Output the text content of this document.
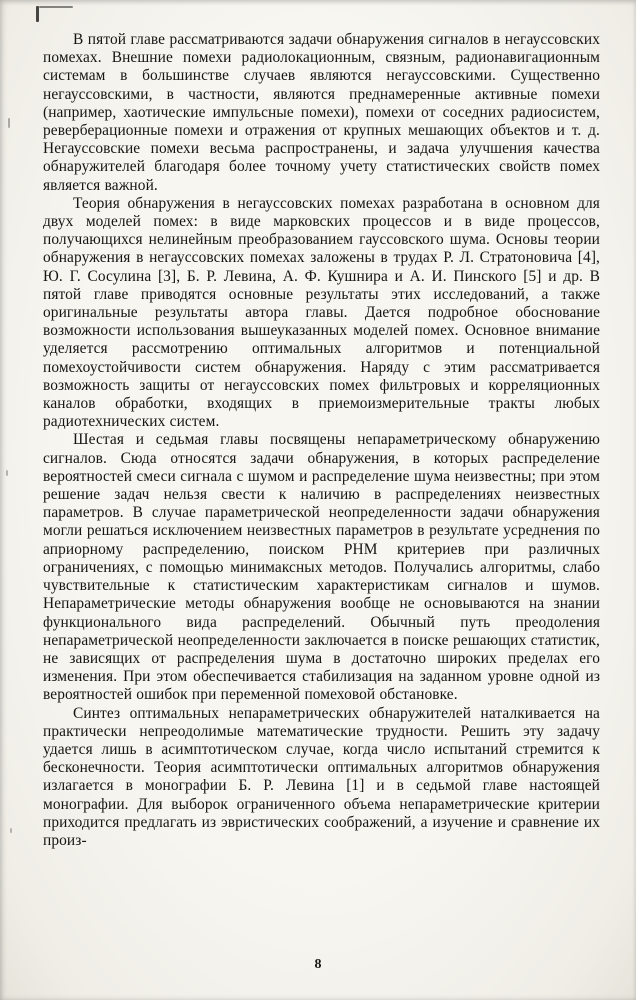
В пятой главе рассматриваются задачи обнаружения сигналов в негауссовских помехах. Внешние помехи радиолокационным, связным, радионавигационным системам в большинстве случаев являются негауссовскими. Существенно негауссовскими, в частности, являются преднамеренные активные помехи (например, хаотические импульсные помехи), помехи от соседних радиосистем, реверберационные помехи и отражения от крупных мешающих объектов и т. д. Негауссовские помехи весьма распространены, и задача улучшения качества обнаружителей благодаря более точному учету статистических свойств помех является важной.

Теория обнаружения в негауссовских помехах разработана в основном для двух моделей помех: в виде марковских процессов и в виде процессов, получающихся нелинейным преобразованием гауссовского шума. Основы теории обнаружения в негауссовских помехах заложены в трудах Р. Л. Стратоновича [4], Ю. Г. Сосулина [3], Б. Р. Левина, А. Ф. Кушнира и А. И. Пинского [5] и др. В пятой главе приводятся основные результаты этих исследований, а также оригинальные результаты автора главы. Дается подробное обоснование возможности использования вышеуказанных моделей помех. Основное внимание уделяется рассмотрению оптимальных алгоритмов и потенциальной помехоустойчивости систем обнаружения. Наряду с этим рассматривается возможность защиты от негауссовских помех фильтровых и корреляционных каналов обработки, входящих в приемоизмерительные тракты любых радиотехнических систем.

Шестая и седьмая главы посвящены непараметрическому обнаружению сигналов. Сюда относятся задачи обнаружения, в которых распределение вероятностей смеси сигнала с шумом и распределение шума неизвестны; при этом решение задач нельзя свести к наличию в распределениях неизвестных параметров. В случае параметрической неопределенности задачи обнаружения могли решаться исключением неизвестных параметров в результате усреднения по априорному распределению, поиском РНМ критериев при различных ограничениях, с помощью минимаксных методов. Получались алгоритмы, слабо чувствительные к статистическим характеристикам сигналов и шумов. Непараметрические методы обнаружения вообще не основываются на знании функционального вида распределений. Обычный путь преодоления непараметрической неопределенности заключается в поиске решающих статистик, не зависящих от распределения шума в достаточно широких пределах его изменения. При этом обеспечивается стабилизация на заданном уровне одной из вероятностей ошибок при переменной помеховой обстановке.

Синтез оптимальных непараметрических обнаружителей наталкивается на практически непреодолимые математические трудности. Решить эту задачу удается лишь в асимптотическом случае, когда число испытаний стремится к бесконечности. Теория асимптотически оптимальных алгоритмов обнаружения излагается в монографии Б. Р. Левина [1] и в седьмой главе настоящей монографии. Для выборок ограниченного объема непараметрические критерии приходится предлагать из эвристических соображений, а изучение и сравнение их произ-

8
